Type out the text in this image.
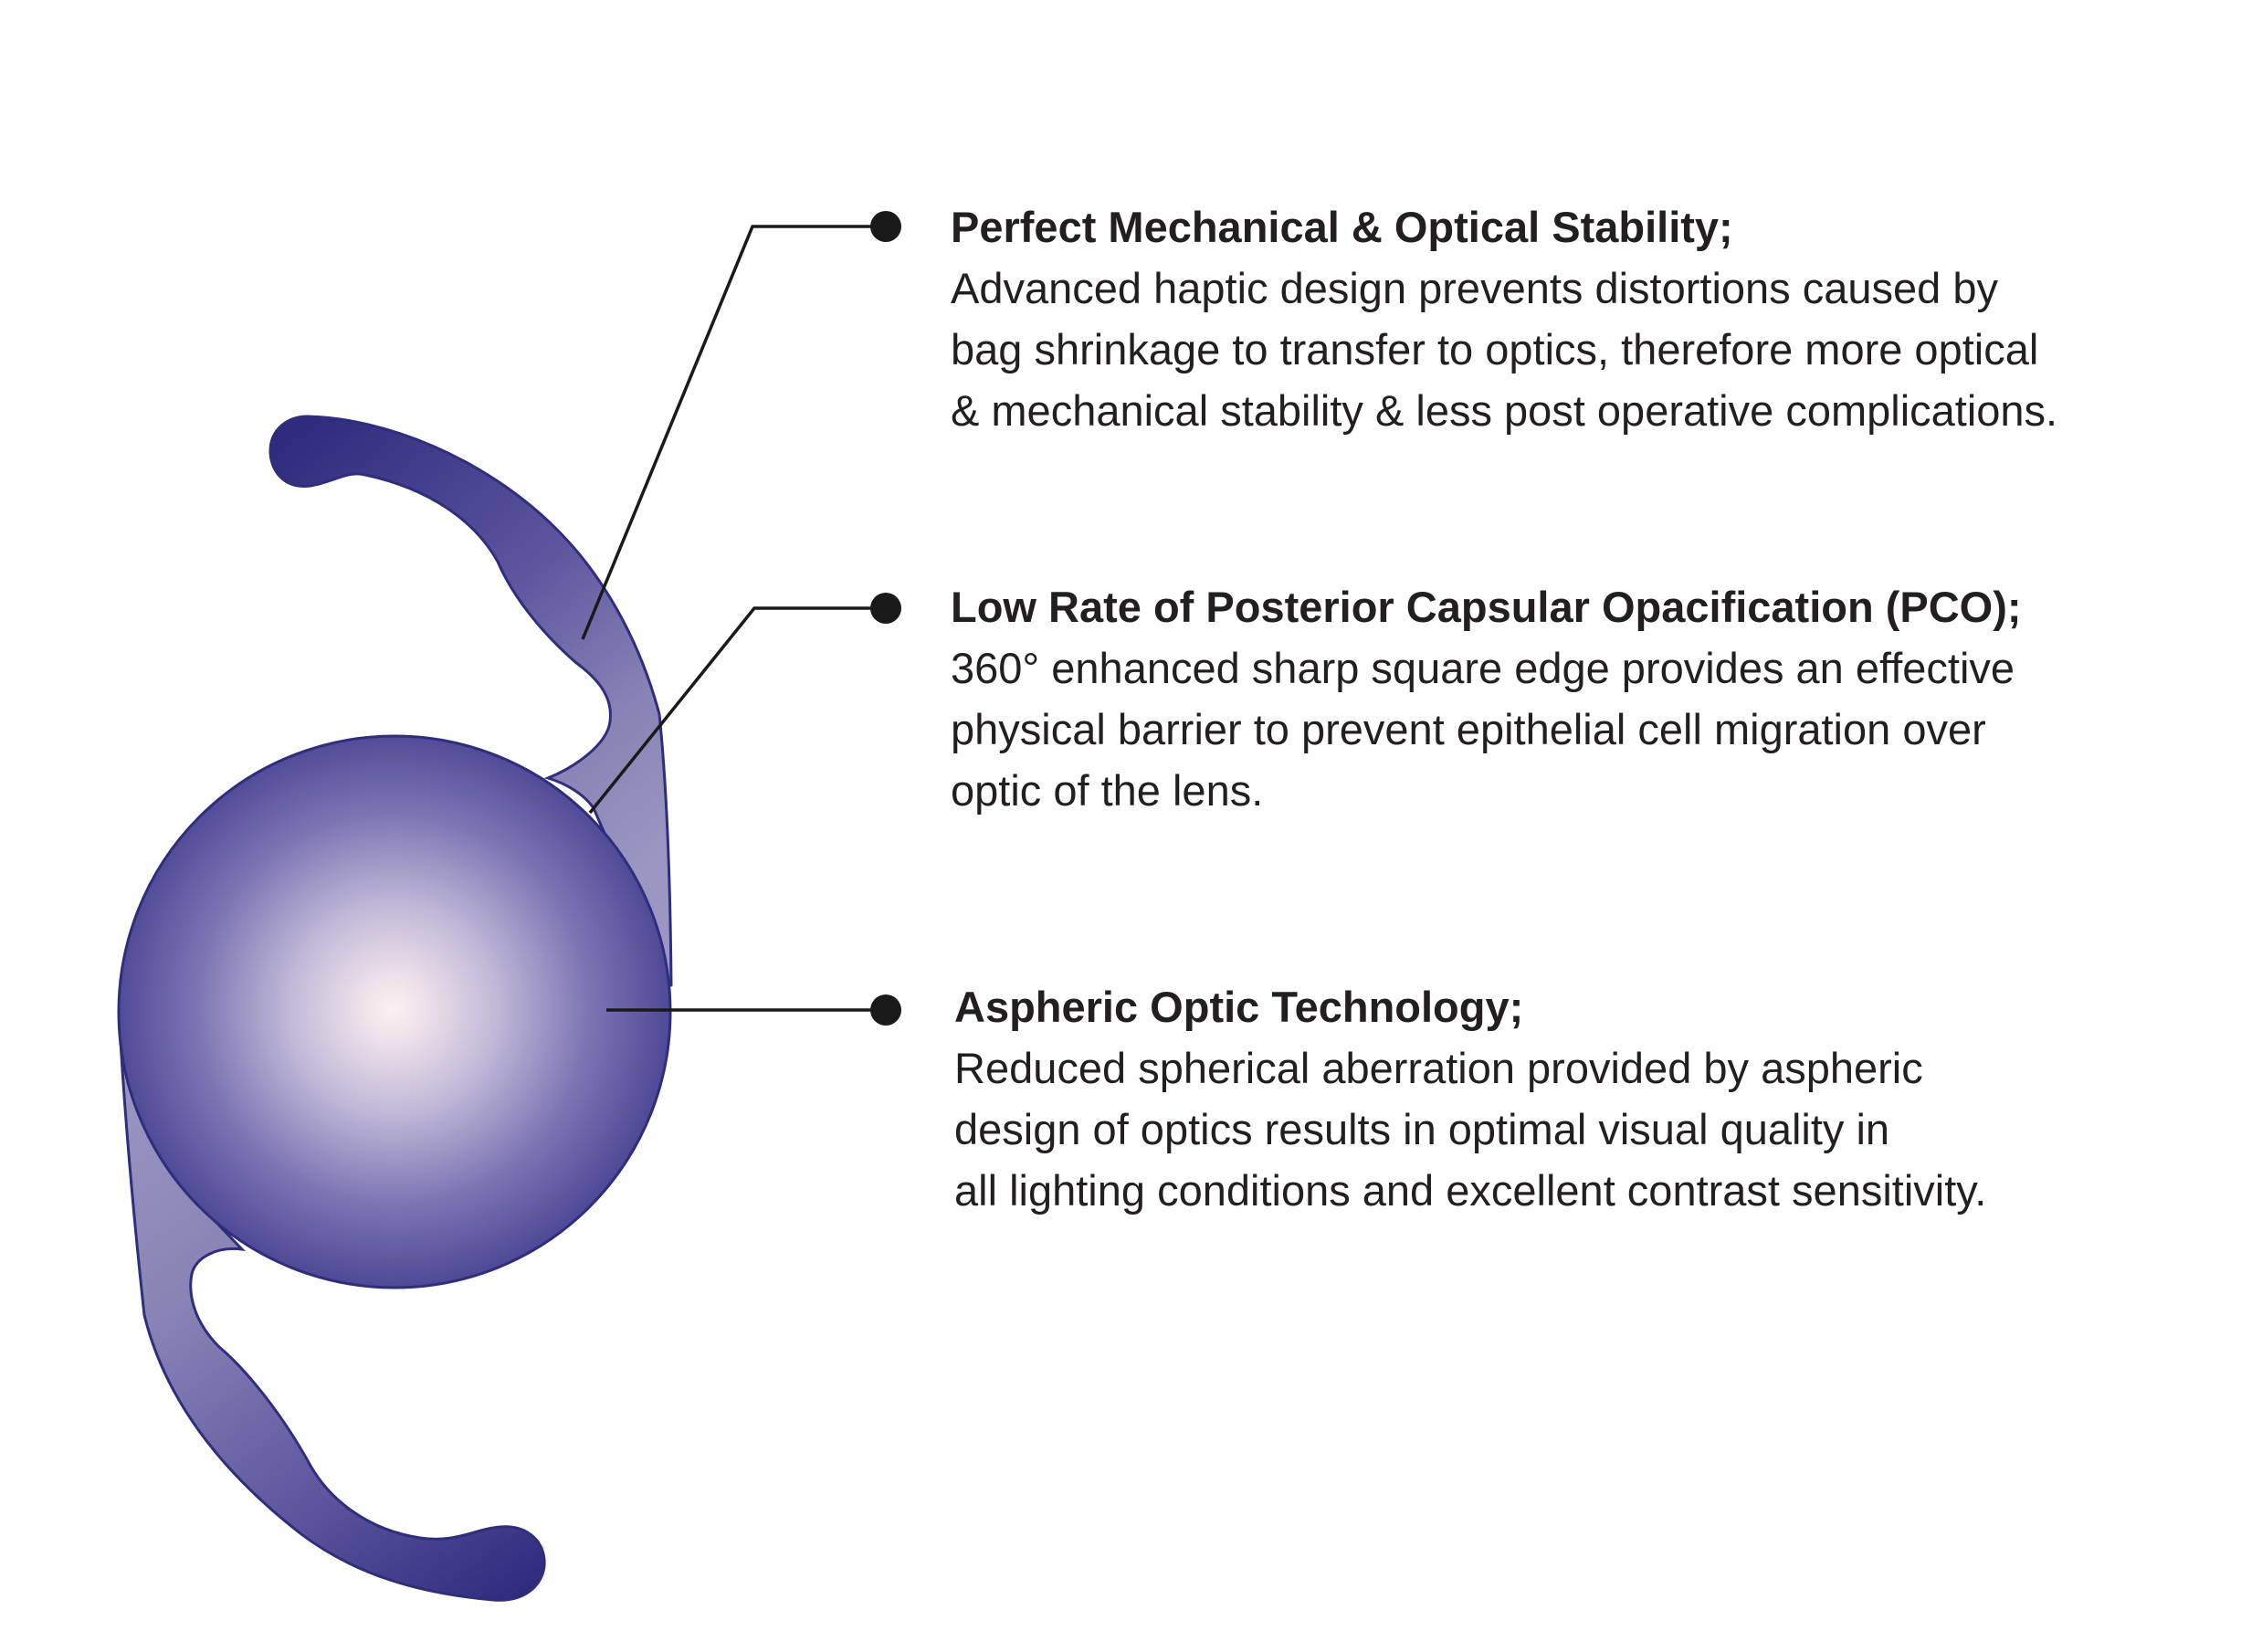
Perfect Mechanical & Optical Stability;

Advanced haptic design prevents distortions caused by

bag shrinkage to transfer to optics, therefore more optical

& mechanical stability & less post operative complications.

Low Rate of Posterior Capsular Opacification (PCO);

360° enhanced sharp square edge provides an effective

physical barrier to prevent epithelial cell migration over

optic of the lens.

Aspheric Optic Technology;

Reduced spherical aberration provided by aspheric

design of optics results in optimal visual quality in

all lighting conditions and excellent contrast sensitivity.
